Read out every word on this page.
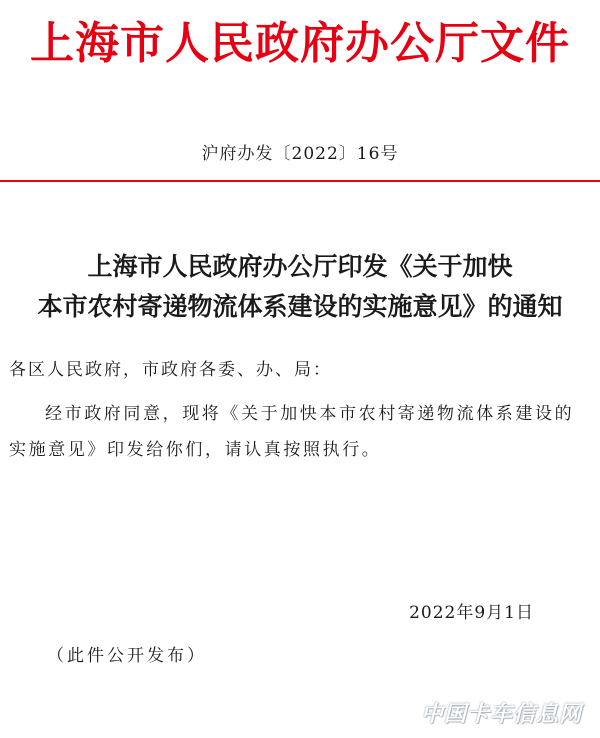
上海市人民政府办公厅文件
沪府办发〔2022〕16号
上海市人民政府办公厅印发《关于加快
本市农村寄递物流体系建设的实施意见》的通知
各区人民政府，市政府各委、办、局：

经市政府同意，现将《关于加快本市农村寄递物流体系建设的实施意见》印发给你们，请认真按照执行。

2022年9月1日
（此件公开发布）
中国卡车信息网
